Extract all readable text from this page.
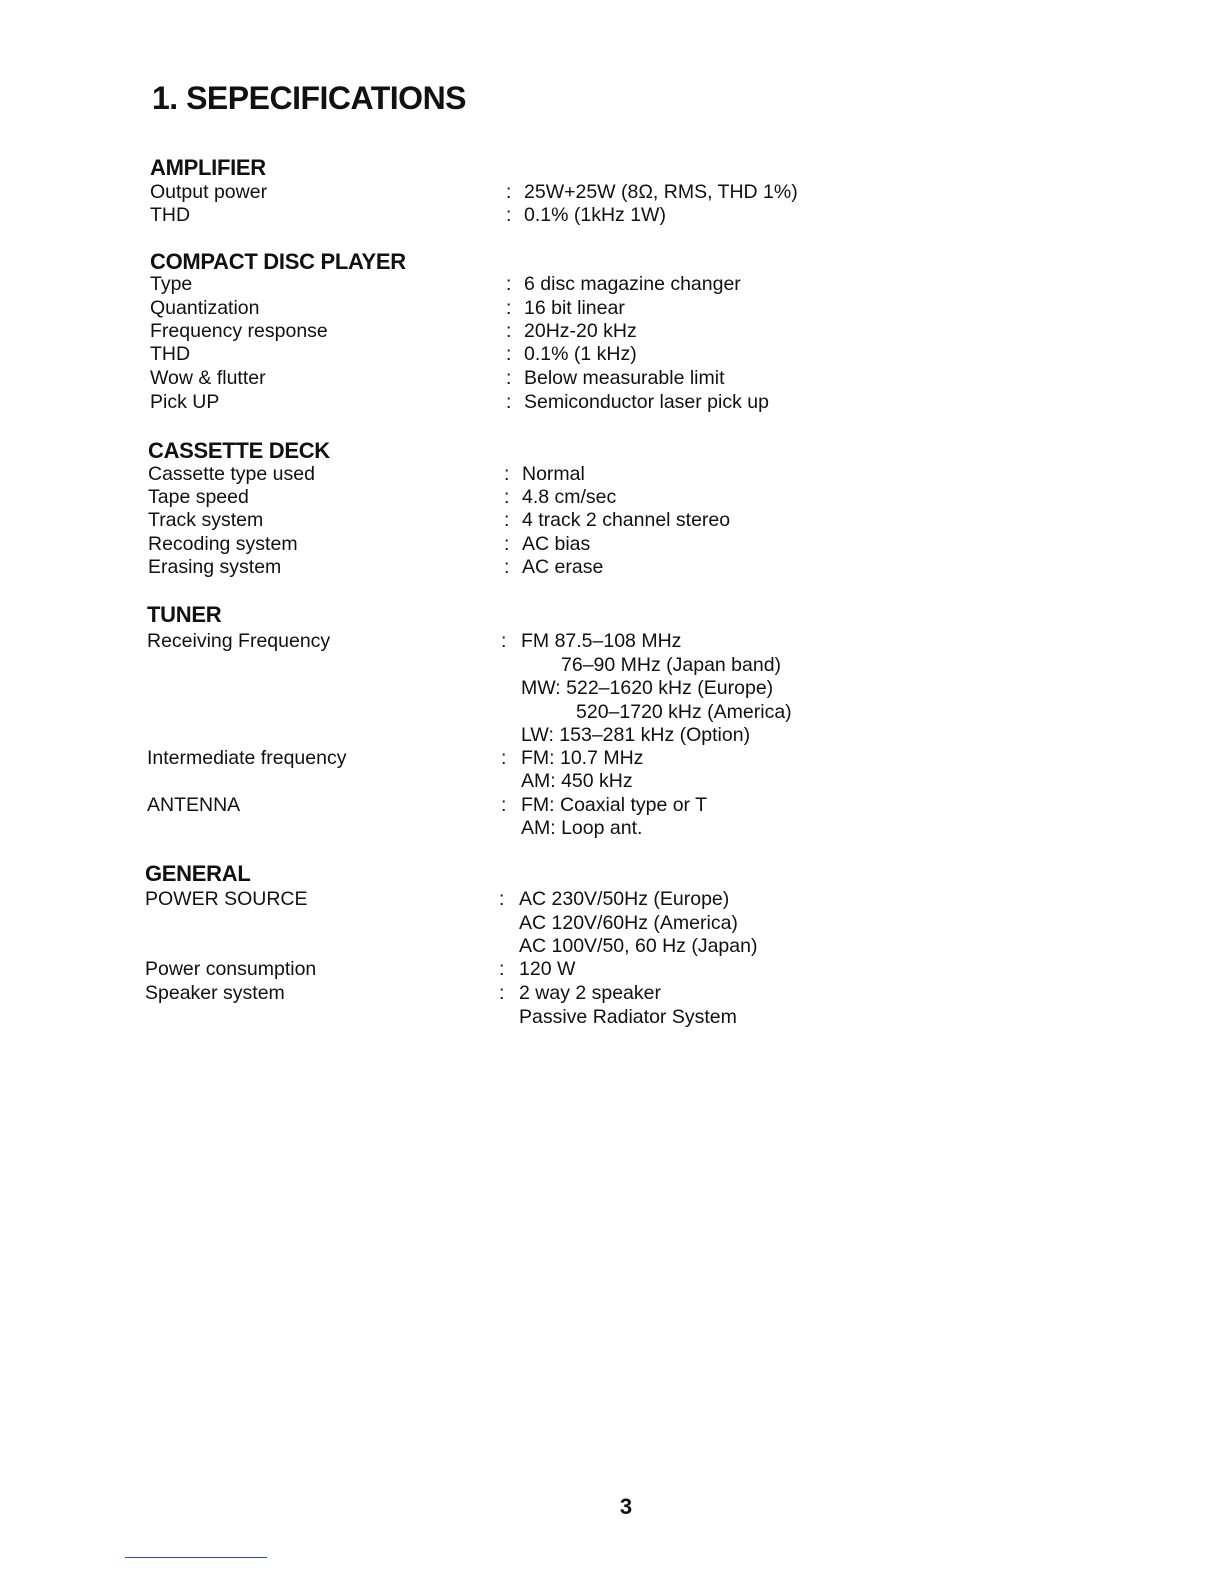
1. SEPECIFICATIONS
AMPLIFIER
Output power	: 25W+25W (8Ω, RMS, THD 1%)
THD	: 0.1% (1kHz 1W)
COMPACT DISC PLAYER
Type	: 6 disc magazine changer
Quantization	: 16 bit linear
Frequency response	: 20Hz-20 kHz
THD	: 0.1% (1 kHz)
Wow & flutter	: Below measurable limit
Pick UP	: Semiconductor laser pick up
CASSETTE DECK
Cassette type used	: Normal
Tape speed	: 4.8 cm/sec
Track system	: 4 track 2 channel stereo
Recoding system	: AC bias
Erasing system	: AC erase
TUNER
Receiving Frequency	: FM 87.5–108 MHz
76–90 MHz (Japan band)
MW: 522–1620 kHz (Europe)
520–1720 kHz (America)
LW: 153–281 kHz (Option)
Intermediate frequency	: FM: 10.7 MHz
AM: 450 kHz
ANTENNA	: FM: Coaxial type or T
AM: Loop ant.
GENERAL
POWER SOURCE	: AC 230V/50Hz (Europe)
AC 120V/60Hz (America)
AC 100V/50, 60 Hz (Japan)
Power consumption	: 120 W
Speaker system	: 2 way 2 speaker
Passive Radiator System
3
